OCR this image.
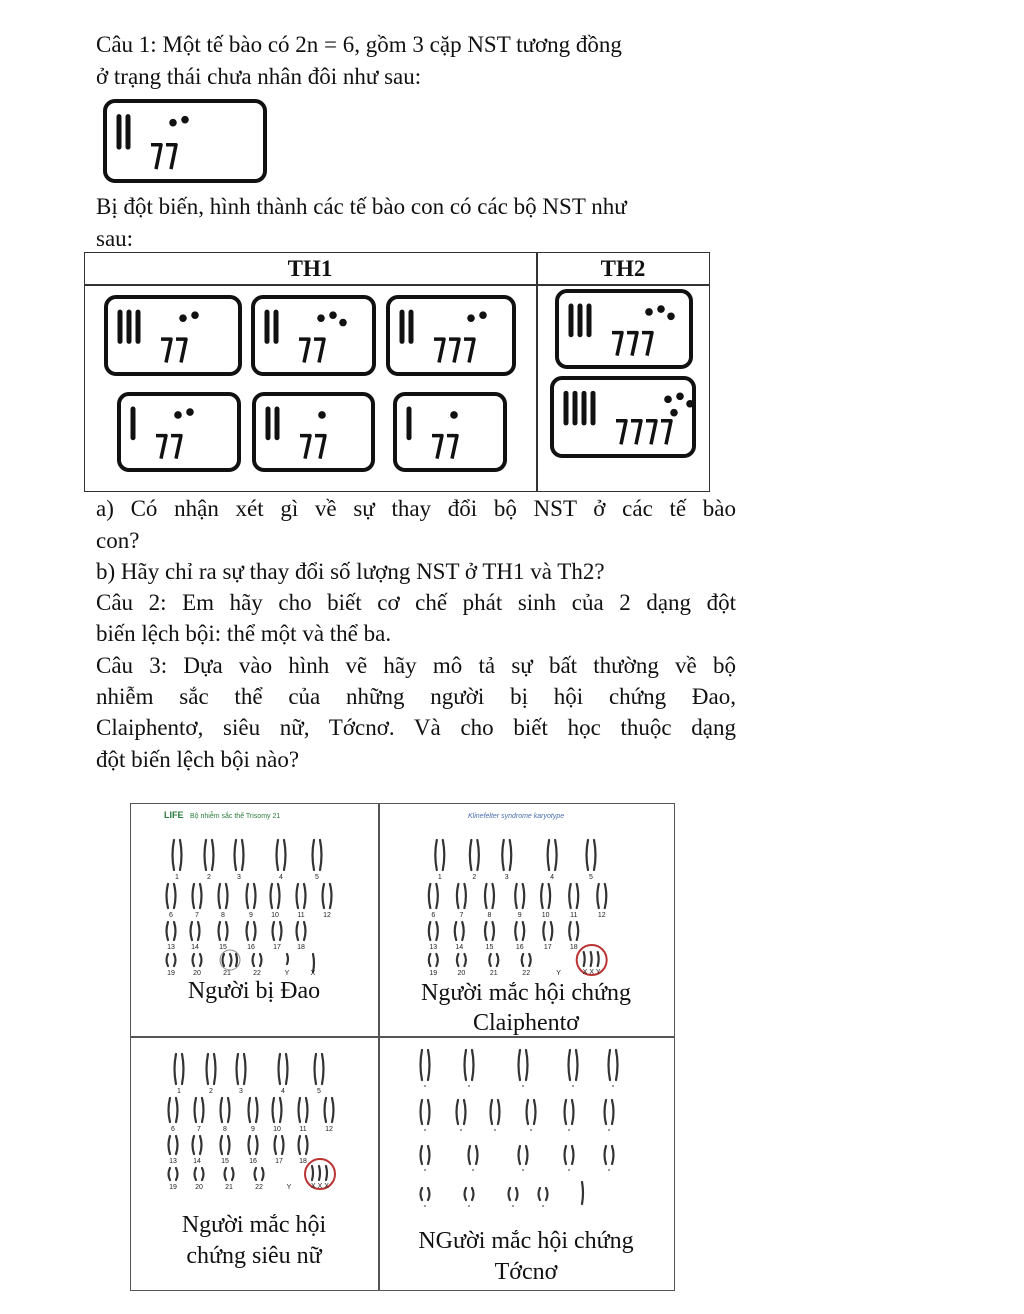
Câu 1: Một tế bào có 2n = 6, gồm 3 cặp NST tương đồng
ở trạng thái chưa nhân đôi như sau:
Bị đột biến, hình thành các tế bào con có các bộ NST như
sau:
TH1	TH2
a) Có nhận xét gì về sự thay đổi bộ NST ở các tế bào
con?
b) Hãy chỉ ra sự thay đổi số lượng NST ở TH1 và Th2?
Câu 2: Em hãy cho biết cơ chế phát sinh của 2 dạng đột
biến lệch bội: thể một và thể ba.
Câu 3: Dựa vào hình vẽ hãy mô tả sự bất thường về bộ
nhiễm sắc thể của những người bị hội chứng Đao,
Claiphentơ, siêu nữ, Tớcnơ. Và cho biết học thuộc dạng
đột biến lệch bội nào?
LIFE Bộ nhiễm sắc thể Trisomy 21
1	2	3	4	5
6	7	8	9	10	11	12
13 14	15	16	17 18
19	20	21	22	Y	X
Người bị Đao
Klinefelter syndrome karyotype
1	2	3	4	5
6	7	8	9	10	11	12
13	14	15	16	17	18
19	20	21	22	Y	X X Y
Người mắc hội chứng
Claiphentơ
1	2	3	4	5
6	7	8	9	10	11	12
13 14	15	16	17 18
19	20	21	22	Y	X X X
Người mắc hội
chứng siêu nữ
NGười mắc hội chứng
Tớcnơ
